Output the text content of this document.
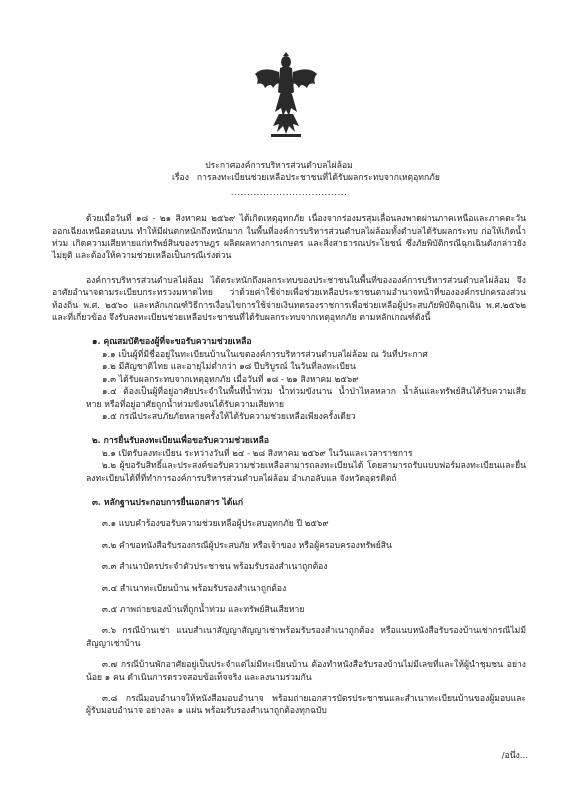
ประกาศองค์การบริหารส่วนตำบลไผ่ล้อม
เรื่อง การลงทะเบียนช่วยเหลือประชาชนที่ได้รับผลกระทบจากเหตุอุทกภัย
....................................

ด้วยเมื่อวันที่ ๑๘ - ๒๑ สิงหาคม ๒๕๖๙ ได้เกิดเหตุอุทกภัย เนื่องจากร่องมรสุมเลื่อนลงพาดผ่านภาคเหนือและภาคตะวันออกเฉียงเหนือตอนบน ทำให้มีฝนตกหนักถึงหนักมาก ในพื้นที่องค์การบริหารส่วนตำบลไผ่ล้อมทั้งตำบลได้รับผลกระทบ ก่อให้เกิดน้ำท่วม เกิดความเสียหายแก่ทรัพย์สินของราษฎร ผลิตผลทางการเกษตร และสิ่งสาธารณประโยชน์ ซึ่งภัยพิบัติกรณีฉุกเฉินดังกล่าวยังไม่ยุติ และต้องให้ความช่วยเหลือเป็นกรณีเร่งด่วน

องค์การบริหารส่วนตำบลไผ่ล้อม ได้ตระหนักถึงผลกระทบของประชาชนในพื้นที่ขององค์การบริหารส่วนตำบลไผ่ล้อม จึงอาศัยอำนาจตามระเบียบกระทรวงมหาดไทย ว่าด้วยค่าใช้จ่ายเพื่อช่วยเหลือประชาชนตามอำนาจหน้าที่ขององค์กรปกครองส่วนท้องถิ่น พ.ศ. ๒๕๖๐ และหลักเกณฑ์วิธีการเงื่อนไขการใช้จ่ายเงินทดรองราชการเพื่อช่วยเหลือผู้ประสบภัยพิบัติฉุกเฉิน พ.ศ.๒๕๖๒ และที่เกี่ยวข้อง จึงรับลงทะเบียนช่วยเหลือประชาชนที่ได้รับผลกระทบจากเหตุอุทกภัย ตามหลักเกณฑ์ดังนี้

๑. คุณสมบัติของผู้ที่จะขอรับความช่วยเหลือ

๑.๑ เป็นผู้ที่มีชื่ออยู่ในทะเบียนบ้านในเขตองค์การบริหารส่วนตำบลไผ่ล้อม ณ วันที่ประกาศ

๑.๒ มีสัญชาติไทย และอายุไม่ต่ำกว่า ๑๘ ปีบริบูรณ์ ในวันที่ลงทะเบียน

๑.๓ ได้รับผลกระทบจากเหตุอุทกภัย เมื่อวันที่ ๑๘ - ๒๑ สิงหาคม ๒๕๖๙

๑.๔ ต้องเป็นผู้ที่อยู่อาศัยประจำในพื้นที่น้ำท่วม น้ำท่วมขังนาน น้ำป่าไหลหลาก น้ำล้นและทรัพย์สินได้รับความเสียหาย หรือที่อยู่อาศัยถูกน้ำท่วมขังจนได้รับความเสียหาย

๑.๕ กรณีประสบภัยภัยหลายครั้งให้ได้รับความช่วยเหลือเพียงครั้งเดียว

๒. การยื่นรับลงทะเบียนเพื่อขอรับความช่วยเหลือ

๒.๑ เปิดรับลงทะเบียน ระหว่างวันที่ ๒๔ - ๒๘ สิงหาคม ๒๕๖๙ ในวันและเวลาราชการ

๒.๒ ผู้ขอรับสิทธิ์และประสงค์ขอรับความช่วยเหลือสามารถลงทะเบียนได้ โดยสามารถรับแบบฟอร์มลงทะเบียนและยื่นลงทะเบียนได้ที่ที่ทำการองค์การบริหารส่วนตำบลไผ่ล้อม อำเภอลับแล จังหวัดอุตรดิตถ์

๓. หลักฐานประกอบการยื่นเอกสาร ได้แก่

๓.๑ แบบคำร้องขอรับความช่วยเหลือผู้ประสบอุทกภัย ปี ๒๕๖๙

๓.๒ คำขอหนังสือรับรองกรณีผู้ประสบภัย หรือเจ้าของ หรือผู้ครอบครองทรัพย์สิน

๓.๓ สำเนาบัตรประจำตัวประชาชน พร้อมรับรองสำเนาถูกต้อง

๓.๔ สำเนาทะเบียนบ้าน พร้อมรับรองสำเนาถูกต้อง

๓.๕ ภาพถ่ายของบ้านที่ถูกน้ำท่วม และทรัพย์สินเสียหาย

๓.๖ กรณีบ้านเช่า แนบสำเนาสัญญาสัญญาเช่าพร้อมรับรองสำเนาถูกต้อง หรือแนบหนังสือรับรองบ้านเช่ากรณีไม่มีสัญญาเช่าบ้าน

๓.๗ กรณีบ้านพักอาศัยอยู่เป็นประจำแต่ไม่มีทะเบียนบ้าน ต้องทำหนังสือรับรองบ้านไม่มีเลขที่และให้ผู้นำชุมชน อย่างน้อย ๑ คน ดำเนินการตรวจสอบข้อเท็จจริง และลงนามร่วมกัน

๓.๘ กรณีมอบอำนาจให้หนังสือมอบอำนาจ พร้อมถ่ายเอกสารบัตรประชาชนและสำเนาทะเบียนบ้านของผู้มอบและผู้รับมอบอำนาจ อย่างละ ๑ แผ่น พร้อมรับรองสำเนาถูกต้องทุกฉบับ

/อนึ่ง...
